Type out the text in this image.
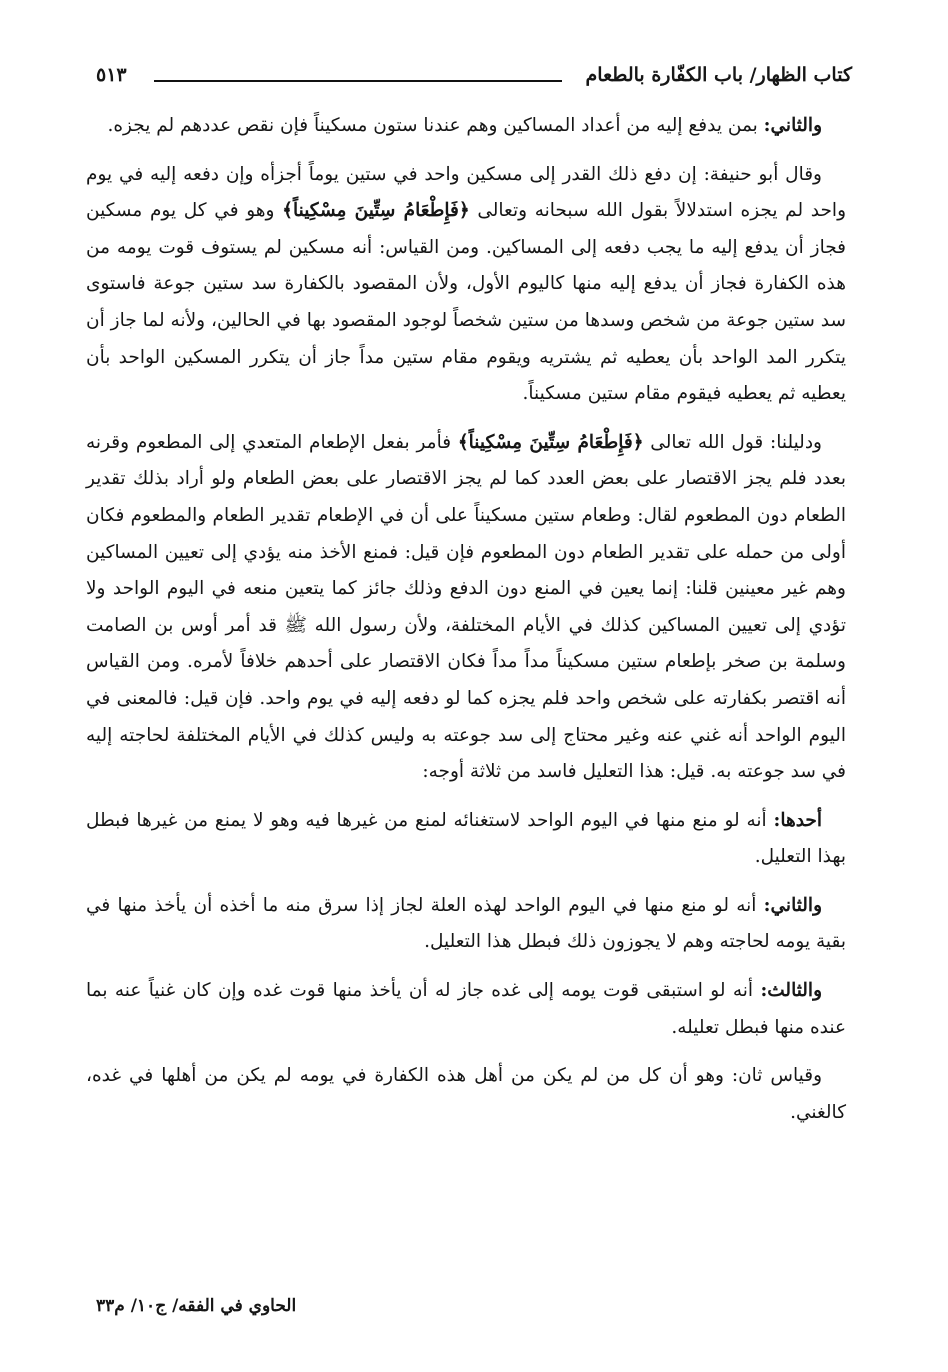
كتاب الظهار/ باب الكفّارة بالطعام
٥١٣

والثاني: بمن يدفع إليه من أعداد المساكين وهم عندنا ستون مسكيناً فإن نقص عددهم لم يجزه.

وقال أبو حنيفة: إن دفع ذلك القدر إلى مسكين واحد في ستين يوماً أجزأه وإن دفعه إليه في يوم واحد لم يجزه استدلالاً بقول الله سبحانه وتعالى ﴿فَإِطْعَامُ سِتِّينَ مِسْكِيناً﴾ وهو في كل يوم مسكين فجاز أن يدفع إليه ما يجب دفعه إلى المساكين. ومن القياس: أنه مسكين لم يستوف قوت يومه من هذه الكفارة فجاز أن يدفع إليه منها كاليوم الأول، ولأن المقصود بالكفارة سد ستين جوعة فاستوى سد ستين جوعة من شخص وسدها من ستين شخصاً لوجود المقصود بها في الحالين، ولأنه لما جاز أن يتكرر المد الواحد بأن يعطيه ثم يشتريه ويقوم مقام ستين مداً جاز أن يتكرر المسكين الواحد بأن يعطيه ثم يعطيه فيقوم مقام ستين مسكيناً.

ودليلنا: قول الله تعالى ﴿فَإِطْعَامُ سِتِّينَ مِسْكِيناً﴾ فأمر بفعل الإطعام المتعدي إلى المطعوم وقرنه بعدد فلم يجز الاقتصار على بعض العدد كما لم يجز الاقتصار على بعض الطعام ولو أراد بذلك تقدير الطعام دون المطعوم لقال: وطعام ستين مسكيناً على أن في الإطعام تقدير الطعام والمطعوم فكان أولى من حمله على تقدير الطعام دون المطعوم فإن قيل: فمنع الأخذ منه يؤدي إلى تعيين المساكين وهم غير معينين قلنا: إنما يعين في المنع دون الدفع وذلك جائز كما يتعين منعه في اليوم الواحد ولا تؤدي إلى تعيين المساكين كذلك في الأيام المختلفة، ولأن رسول الله ﷺ قد أمر أوس بن الصامت وسلمة بن صخر بإطعام ستين مسكيناً مداً مداً فكان الاقتصار على أحدهم خلافاً لأمره. ومن القياس أنه اقتصر بكفارته على شخص واحد فلم يجزه كما لو دفعه إليه في يوم واحد. فإن قيل: فالمعنى في اليوم الواحد أنه غني عنه وغير محتاج إلى سد جوعته به وليس كذلك في الأيام المختلفة لحاجته إليه في سد جوعته به. قيل: هذا التعليل فاسد من ثلاثة أوجه:

أحدها: أنه لو منع منها في اليوم الواحد لاستغنائه لمنع من غيرها فيه وهو لا يمنع من غيرها فبطل بهذا التعليل.

والثاني: أنه لو منع منها في اليوم الواحد لهذه العلة لجاز إذا سرق منه ما أخذه أن يأخذ منها في بقية يومه لحاجته وهم لا يجوزون ذلك فبطل هذا التعليل.

والثالث: أنه لو استبقى قوت يومه إلى غده جاز له أن يأخذ منها قوت غده وإن كان غنياً عنه بما عنده منها فبطل تعليله.

وقياس ثان: وهو أن كل من لم يكن من أهل هذه الكفارة في يومه لم يكن من أهلها في غده، كالغني.

الحاوي في الفقه/ ج١٠/ م٣٣
